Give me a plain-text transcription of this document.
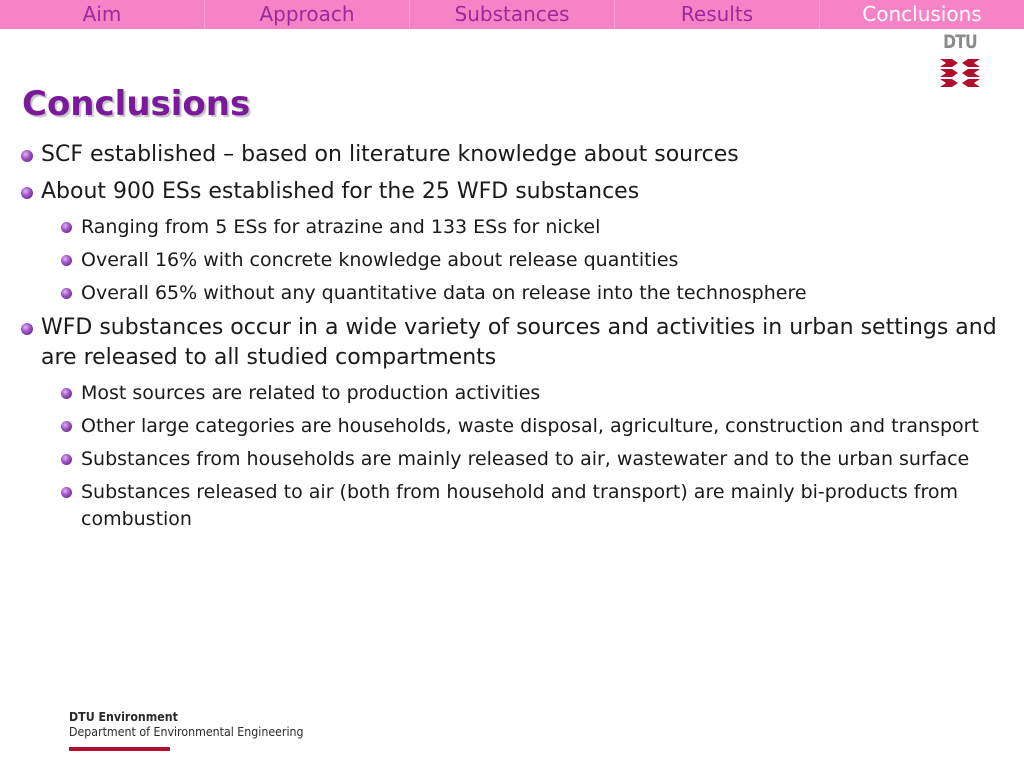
Aim	Approach	Substances	Results	Conclusions
DTU
Conclusions
SCF established – based on literature knowledge about sources
About 900 ESs established for the 25 WFD substances
Ranging from 5 ESs for atrazine and 133 ESs for nickel
Overall 16% with concrete knowledge about release quantities
Overall 65% without any quantitative data on release into the technosphere
WFD substances occur in a wide variety of sources and activities in urban settings and are released to all studied compartments
Most sources are related to production activities
Other large categories are households, waste disposal, agriculture, construction and transport
Substances from households are mainly released to air, wastewater and to the urban surface
Substances released to air (both from household and transport) are mainly bi-products from combustion
DTU Environment
Department of Environmental Engineering
